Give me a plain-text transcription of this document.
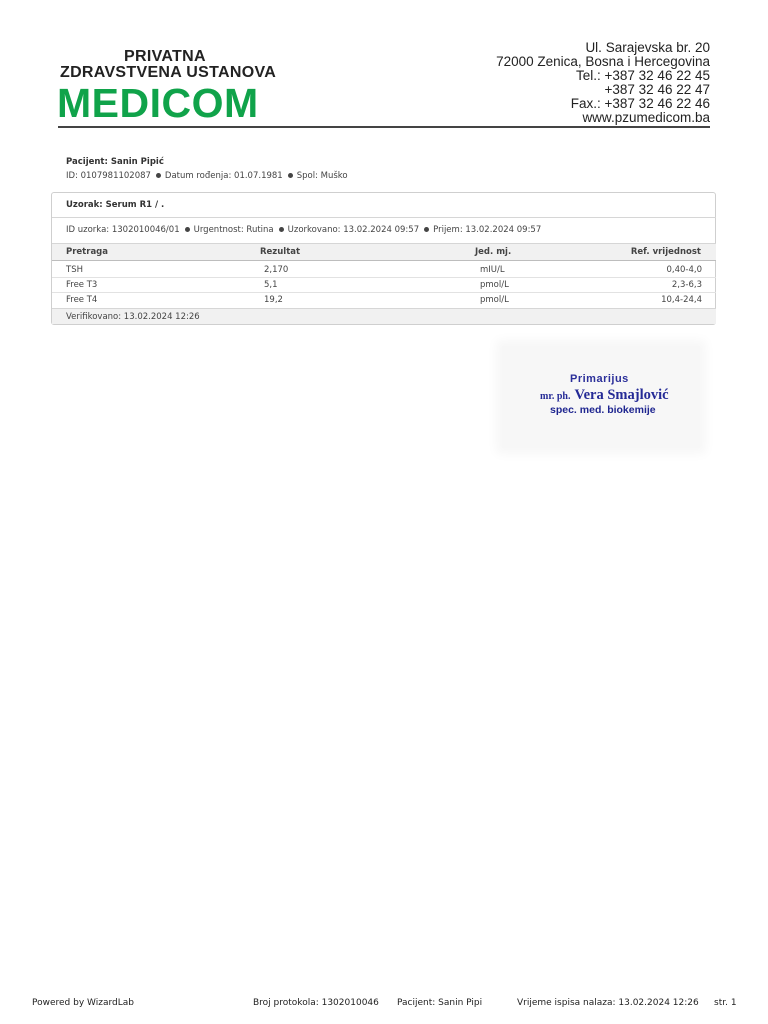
PRIVATNA
ZDRAVSTVENA USTANOVA
MEDICOM
Ul. Sarajevska br. 20
72000 Zenica, Bosna i Hercegovina
Tel.: +387 32 46 22 45
+387 32 46 22 47
Fax.: +387 32 46 22 46
www.pzumedicom.ba
Pacijent: Sanin Pipić
ID: 0107981102087 Datum rođenja: 01.07.1981 Spol: Muško
Uzorak: Serum R1 / .
ID uzorka: 1302010046/01 Urgentnost: Rutina Uzorkovano: 13.02.2024 09:57 Prijem: 13.02.2024 09:57
Pretraga	Rezultat	Jed. mj.	Ref. vrijednost
TSH	2,170	mIU/L	0,40-4,0
Free T3	5,1	pmol/L	2,3-6,3
Free T4	19,2	pmol/L	10,4-24,4
Verifikovano: 13.02.2024 12:26
Primarijus
mr. ph. Vera Smajlović
spec. med. biokemije
Powered by WizardLab	Broj protokola: 1302010046 Pacijent: Sanin Pipi	Vrijeme ispisa nalaza: 13.02.2024 12:26 str. 1
